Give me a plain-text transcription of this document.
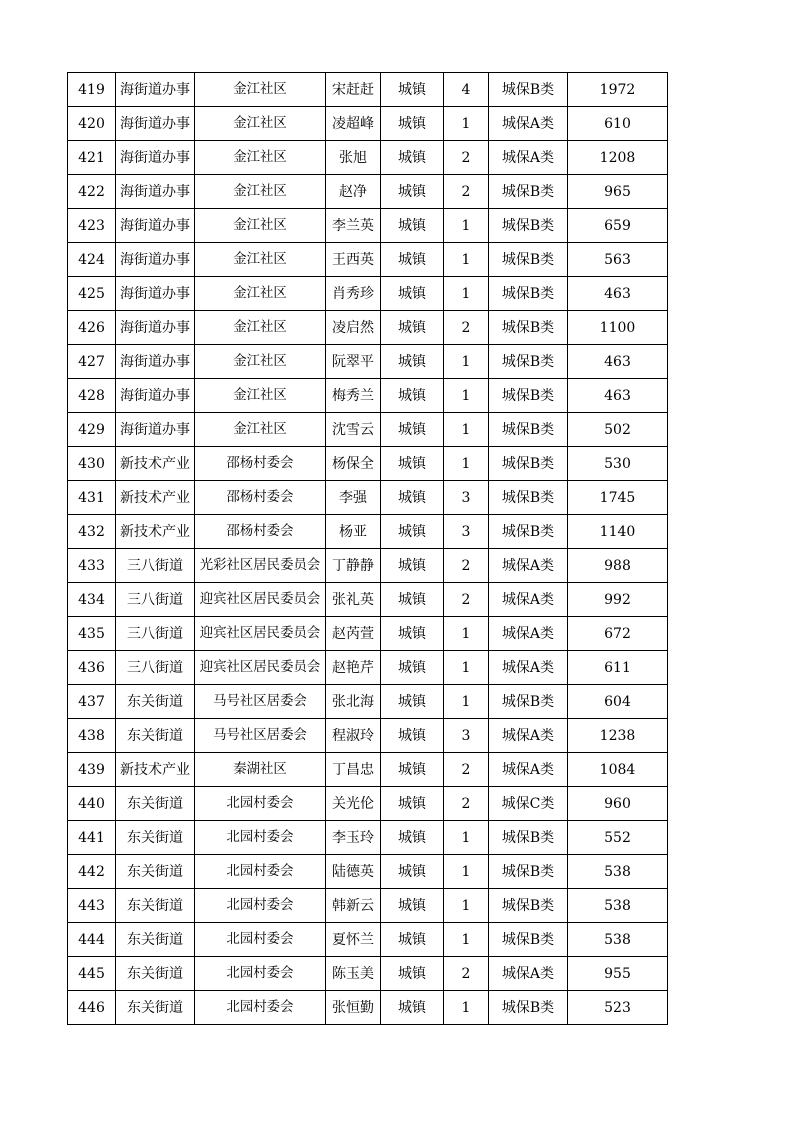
419	海街道办事	金江社区	宋赶赶	城镇	4	城保B类	1972
420	海街道办事	金江社区	凌超峰	城镇	1	城保A类	610
421	海街道办事	金江社区	张旭	城镇	2	城保A类	1208
422	海街道办事	金江社区	赵净	城镇	2	城保B类	965
423	海街道办事	金江社区	李兰英	城镇	1	城保B类	659
424	海街道办事	金江社区	王西英	城镇	1	城保B类	563
425	海街道办事	金江社区	肖秀珍	城镇	1	城保B类	463
426	海街道办事	金江社区	凌启然	城镇	2	城保B类	1100
427	海街道办事	金江社区	阮翠平	城镇	1	城保B类	463
428	海街道办事	金江社区	梅秀兰	城镇	1	城保B类	463
429	海街道办事	金江社区	沈雪云	城镇	1	城保B类	502
430	新技术产业	邵杨村委会	杨保全	城镇	1	城保B类	530
431	新技术产业	邵杨村委会	李强	城镇	3	城保B类	1745
432	新技术产业	邵杨村委会	杨亚	城镇	3	城保B类	1140
433	三八街道	光彩社区居民委员会	丁静静	城镇	2	城保A类	988
434	三八街道	迎宾社区居民委员会	张礼英	城镇	2	城保A类	992
435	三八街道	迎宾社区居民委员会	赵芮萱	城镇	1	城保A类	672
436	三八街道	迎宾社区居民委员会	赵艳芹	城镇	1	城保A类	611
437	东关街道	马号社区居委会	张北海	城镇	1	城保B类	604
438	东关街道	马号社区居委会	程淑玲	城镇	3	城保A类	1238
439	新技术产业	秦湖社区	丁昌忠	城镇	2	城保A类	1084
440	东关街道	北园村委会	关光伦	城镇	2	城保C类	960
441	东关街道	北园村委会	李玉玲	城镇	1	城保B类	552
442	东关街道	北园村委会	陆德英	城镇	1	城保B类	538
443	东关街道	北园村委会	韩新云	城镇	1	城保B类	538
444	东关街道	北园村委会	夏怀兰	城镇	1	城保B类	538
445	东关街道	北园村委会	陈玉美	城镇	2	城保A类	955
446	东关街道	北园村委会	张恒勤	城镇	1	城保B类	523
